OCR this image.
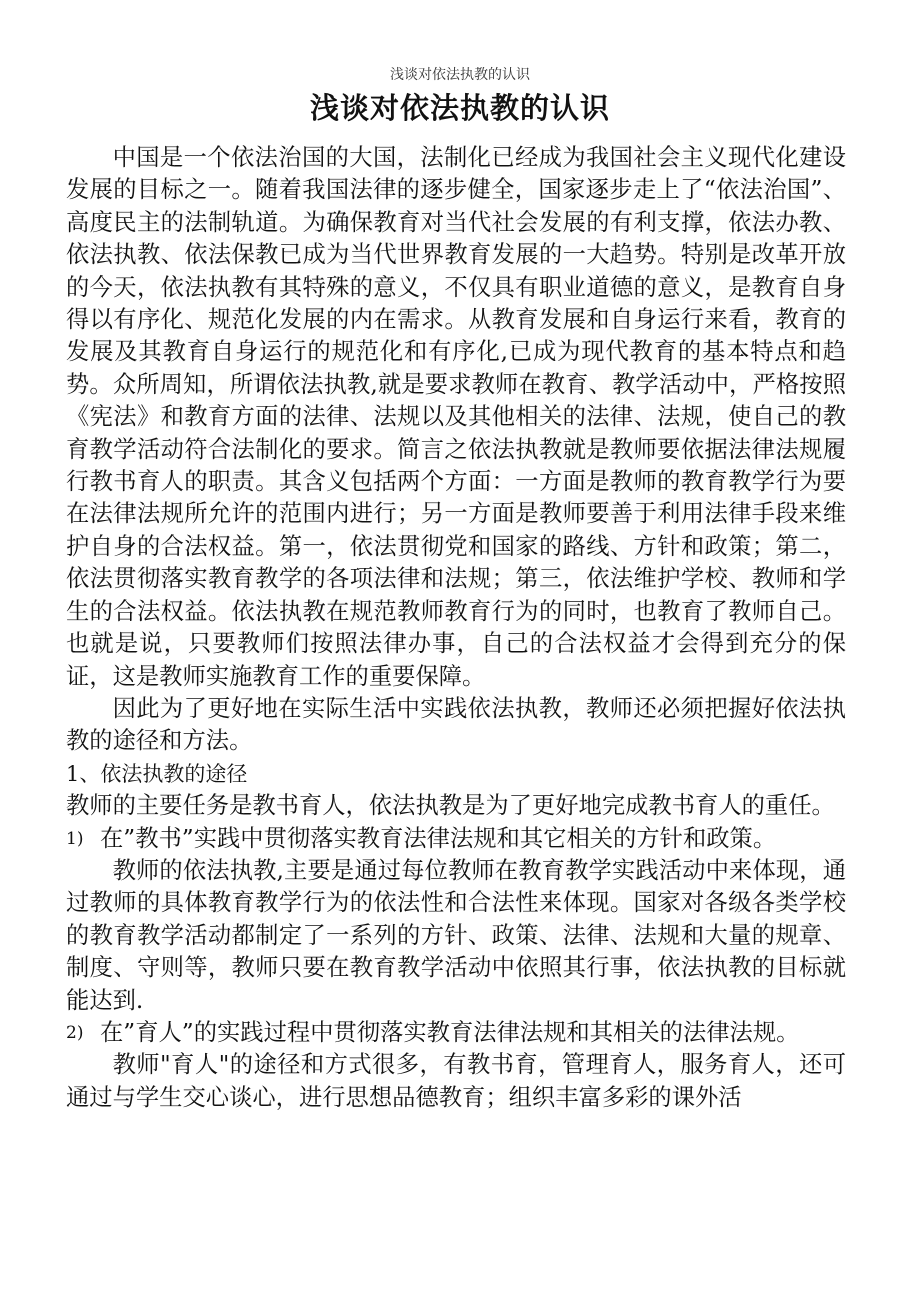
浅谈对依法执教的认识
浅谈对依法执教的认识

中国是一个依法治国的大国，法制化已经成为我国社会主义现代化建设发展的目标之一。随着我国法律的逐步健全，国家逐步走上了“依法治国”、高度民主的法制轨道。为确保教育对当代社会发展的有利支撑，依法办教、依法执教、依法保教已成为当代世界教育发展的一大趋势。特别是改革开放的今天，依法执教有其特殊的意义，不仅具有职业道德的意义，是教育自身得以有序化、规范化发展的内在需求。从教育发展和自身运行来看，教育的发展及其教育自身运行的规范化和有序化,已成为现代教育的基本特点和趋势。众所周知，所谓依法执教,就是要求教师在教育、教学活动中，严格按照《宪法》和教育方面的法律、法规以及其他相关的法律、法规，使自己的教育教学活动符合法制化的要求。简言之依法执教就是教师要依据法律法规履行教书育人的职责。其含义包括两个方面：一方面是教师的教育教学行为要在法律法规所允许的范围内进行；另一方面是教师要善于利用法律手段来维护自身的合法权益。第一，依法贯彻党和国家的路线、方针和政策；第二，依法贯彻落实教育教学的各项法律和法规；第三，依法维护学校、教师和学生的合法权益。依法执教在规范教师教育行为的同时，也教育了教师自己。也就是说，只要教师们按照法律办事，自己的合法权益才会得到充分的保证，这是教师实施教育工作的重要保障。

因此为了更好地在实际生活中实践依法执教，教师还必须把握好依法执教的途径和方法。

1、依法执教的途径

教师的主要任务是教书育人，依法执教是为了更好地完成教书育人的重任。

1) 在”教书”实践中贯彻落实教育法律法规和其它相关的方针和政策。

教师的依法执教,主要是通过每位教师在教育教学实践活动中来体现，通过教师的具体教育教学行为的依法性和合法性来体现。国家对各级各类学校的教育教学活动都制定了一系列的方针、政策、法律、法规和大量的规章、制度、守则等，教师只要在教育教学活动中依照其行事，依法执教的目标就能达到.

2) 在”育人”的实践过程中贯彻落实教育法律法规和其相关的法律法规。

教师"育人"的途径和方式很多，有教书育，管理育人，服务育人，还可通过与学生交心谈心，进行思想品德教育；组织丰富多彩的课外活
